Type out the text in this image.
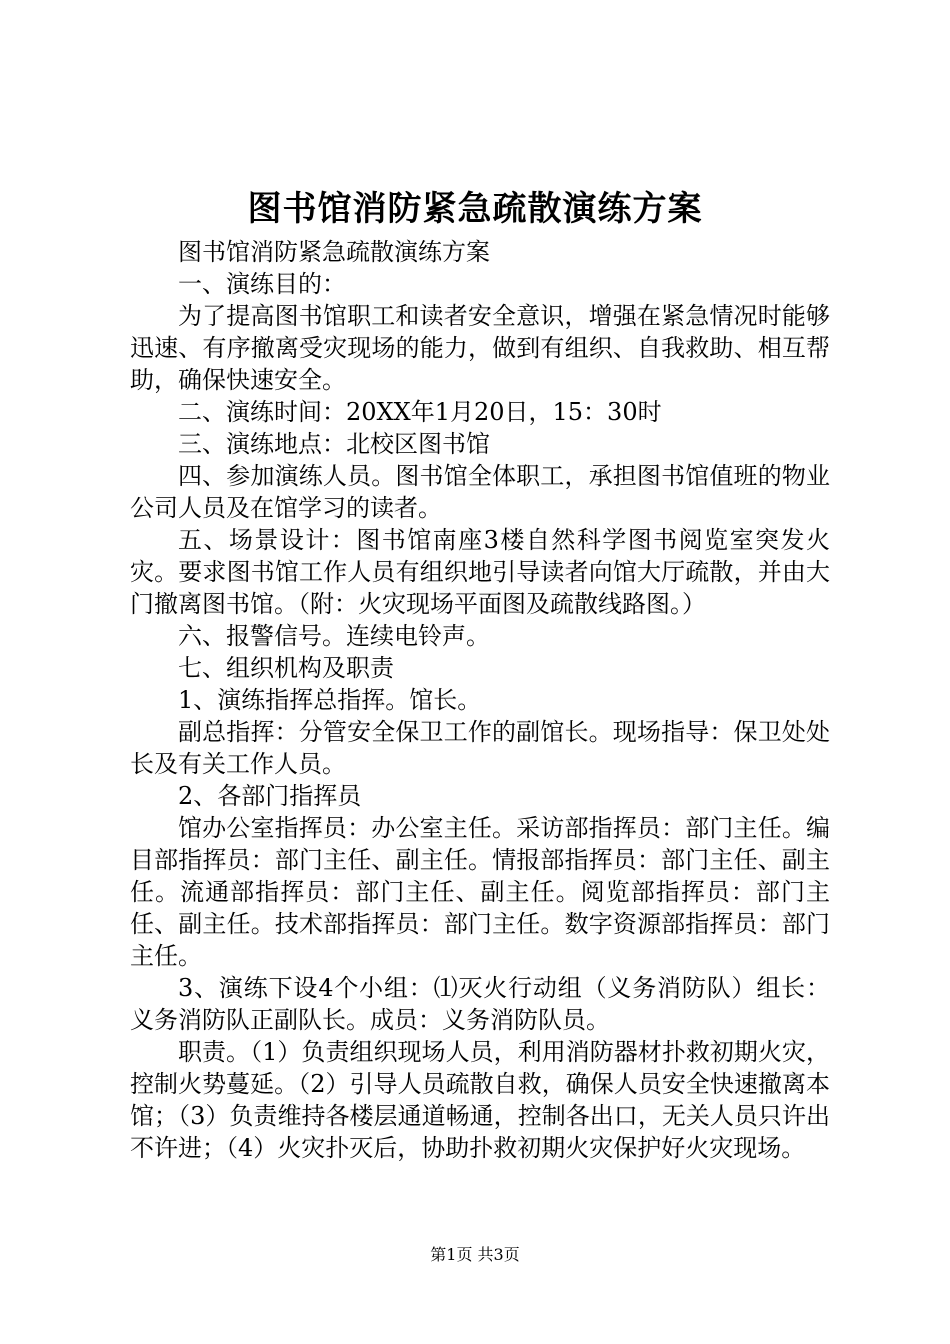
图书馆消防紧急疏散演练方案

图书馆消防紧急疏散演练方案

一、演练目的：

为了提高图书馆职工和读者安全意识，增强在紧急情况时能够迅速、有序撤离受灾现场的能力，做到有组织、自我救助、相互帮助，确保快速安全。

二、演练时间：20XX年1月20日，15：30时

三、演练地点：北校区图书馆

四、参加演练人员。图书馆全体职工，承担图书馆值班的物业公司人员及在馆学习的读者。

五、场景设计：图书馆南座3楼自然科学图书阅览室突发火灾。要求图书馆工作人员有组织地引导读者向馆大厅疏散，并由大门撤离图书馆。（附：火灾现场平面图及疏散线路图。）

六、报警信号。连续电铃声。

七、组织机构及职责

1、演练指挥总指挥。馆长。

副总指挥：分管安全保卫工作的副馆长。现场指导：保卫处处长及有关工作人员。

2、各部门指挥员

馆办公室指挥员：办公室主任。采访部指挥员：部门主任。编目部指挥员：部门主任、副主任。情报部指挥员：部门主任、副主任。流通部指挥员：部门主任、副主任。阅览部指挥员：部门主任、副主任。技术部指挥员：部门主任。数字资源部指挥员：部门主任。

3、演练下设4个小组：⑴灭火行动组（义务消防队）组长：义务消防队正副队长。成员：义务消防队员。

职责。（1）负责组织现场人员，利用消防器材扑救初期火灾，控制火势蔓延。（2）引导人员疏散自救，确保人员安全快速撤离本馆；（3）负责维持各楼层通道畅通，控制各出口，无关人员只许出不许进；（4）火灾扑灭后，协助扑救初期火灾保护好火灾现场。

第1页 共3页
